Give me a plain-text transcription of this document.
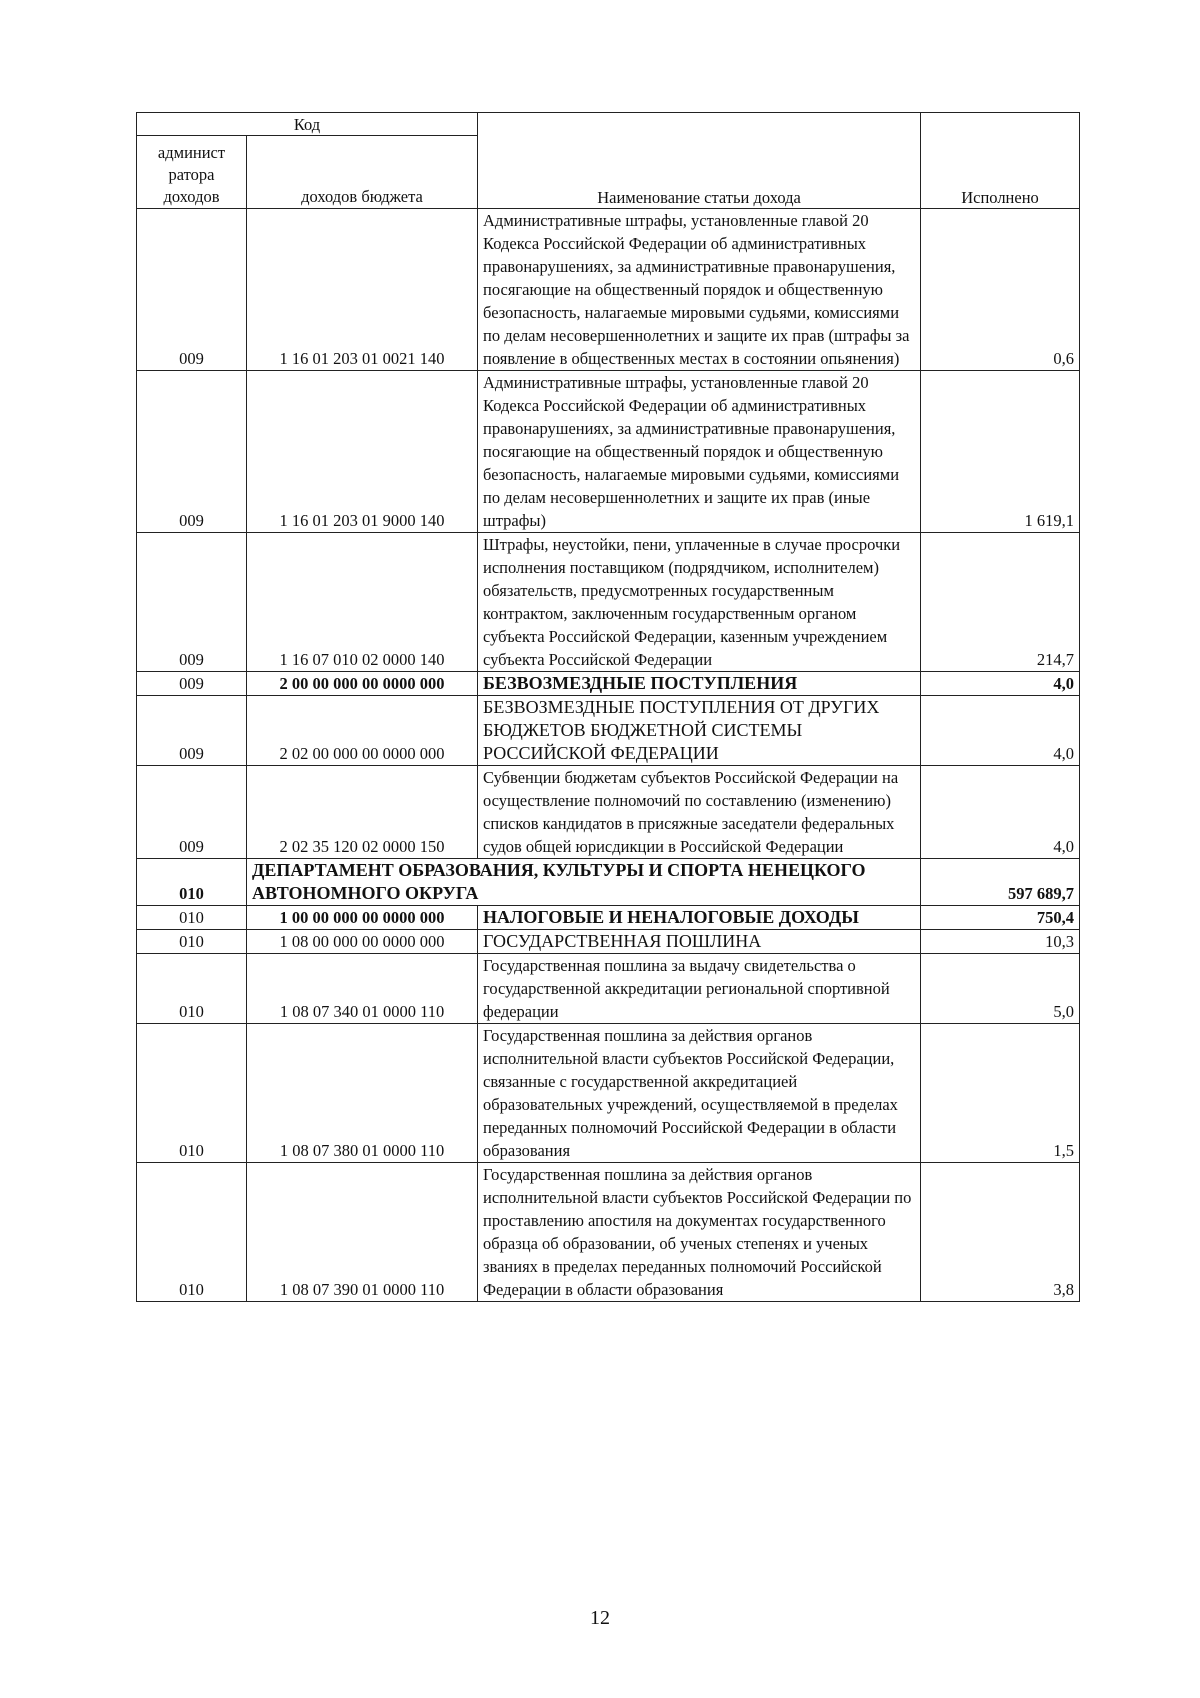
Код		Наименование статьи дохода	Исполнено
админист ратора доходов	доходов бюджета		
009	1 16 01 203 01 0021 140	Административные штрафы, установленные главой 20 Кодекса Российской Федерации об административных правонарушениях, за административные правонарушения, посягающие на общественный порядок и общественную безопасность, налагаемые мировыми судьями, комиссиями по делам несовершеннолетних и защите их прав (штрафы за появление в общественных местах в состоянии опьянения)	0,6
009	1 16 01 203 01 9000 140	Административные штрафы, установленные главой 20 Кодекса Российской Федерации об административных правонарушениях, за административные правонарушения, посягающие на общественный порядок и общественную безопасность, налагаемые мировыми судьями, комиссиями по делам несовершеннолетних и защите их прав (иные штрафы)	1 619,1
009	1 16 07 010 02 0000 140	Штрафы, неустойки, пени, уплаченные в случае просрочки исполнения поставщиком (подрядчиком, исполнителем) обязательств, предусмотренных государственным контрактом, заключенным государственным органом субъекта Российской Федерации, казенным учреждением субъекта Российской Федерации	214,7
009	2 00 00 000 00 0000 000	БЕЗВОЗМЕЗДНЫЕ ПОСТУПЛЕНИЯ	4,0
009	2 02 00 000 00 0000 000	БЕЗВОЗМЕЗДНЫЕ ПОСТУПЛЕНИЯ ОТ ДРУГИХ БЮДЖЕТОВ БЮДЖЕТНОЙ СИСТЕМЫ РОССИЙСКОЙ ФЕДЕРАЦИИ	4,0
009	2 02 35 120 02 0000 150	Субвенции бюджетам субъектов Российской Федерации на осуществление полномочий по составлению (изменению) списков кандидатов в присяжные заседатели федеральных судов общей юрисдикции в Российской Федерации	4,0
010	ДЕПАРТАМЕНТ ОБРАЗОВАНИЯ, КУЛЬТУРЫ И СПОРТА НЕНЕЦКОГО АВТОНОМНОГО ОКРУГА		597 689,7
010	1 00 00 000 00 0000 000	НАЛОГОВЫЕ И НЕНАЛОГОВЫЕ ДОХОДЫ	750,4
010	1 08 00 000 00 0000 000	ГОСУДАРСТВЕННАЯ ПОШЛИНА	10,3
010	1 08 07 340 01 0000 110	Государственная пошлина за выдачу свидетельства о государственной аккредитации региональной спортивной федерации	5,0
010	1 08 07 380 01 0000 110	Государственная пошлина за действия органов исполнительной власти субъектов Российской Федерации, связанные с государственной аккредитацией образовательных учреждений, осуществляемой в пределах переданных полномочий Российской Федерации в области образования	1,5
010	1 08 07 390 01 0000 110	Государственная пошлина за действия органов исполнительной власти субъектов Российской Федерации по проставлению апостиля на документах государственного образца об образовании, об ученых степенях и ученых званиях в пределах переданных полномочий Российской Федерации в области образования	3,8
12
